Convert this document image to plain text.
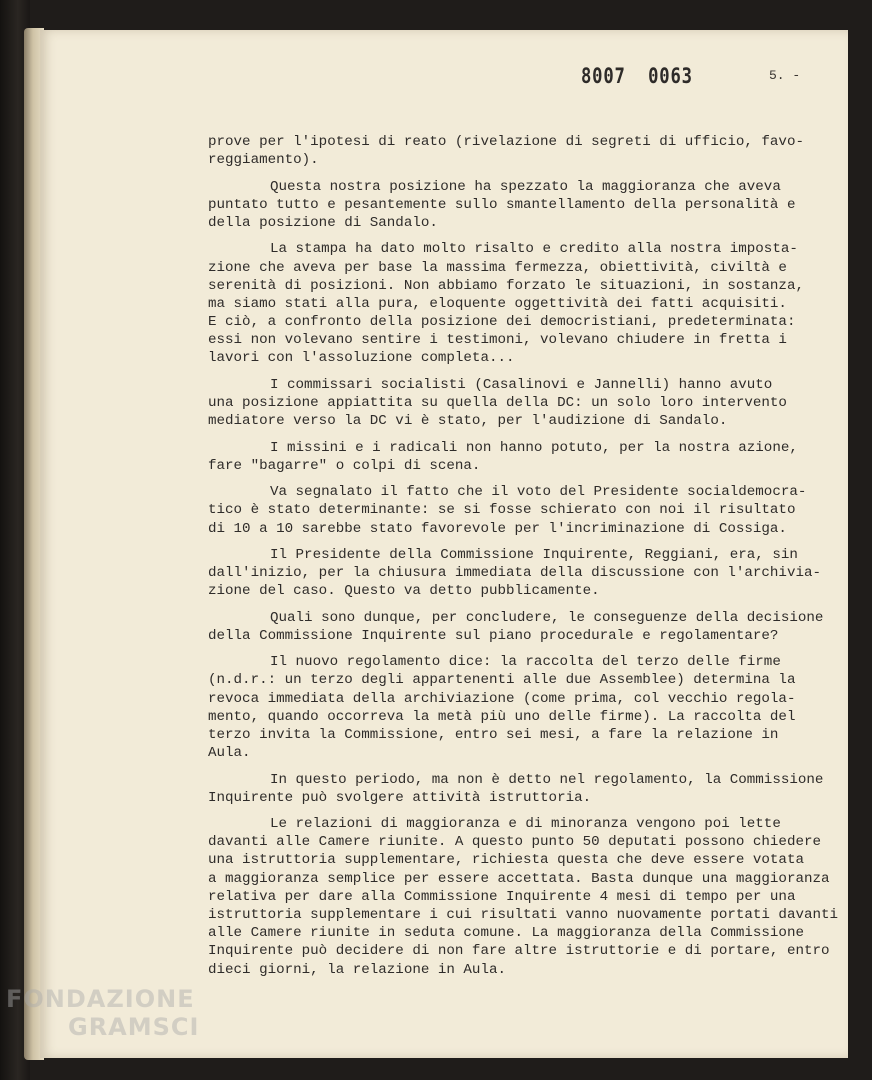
8007  0063	5. -
prove per l'ipotesi di reato (rivelazione di segreti di ufficio, favo-
reggiamento).
Questa nostra posizione ha spezzato la maggioranza che aveva
puntato tutto e pesantemente sullo smantellamento della personalità e
della posizione di Sandalo.
La stampa ha dato molto risalto e credito alla nostra imposta-
zione che aveva per base la massima fermezza, obiettività, civiltà e
serenità di posizioni. Non abbiamo forzato le situazioni, in sostanza,
ma siamo stati alla pura, eloquente oggettività dei fatti acquisiti.
E ciò, a confronto della posizione dei democristiani, predeterminata:
essi non volevano sentire i testimoni, volevano chiudere in fretta i
lavori con l'assoluzione completa...
I commissari socialisti (Casalinovi e Jannelli) hanno avuto
una posizione appiattita su quella della DC: un solo loro intervento
mediatore verso la DC vi è stato, per l'audizione di Sandalo.
I missini e i radicali non hanno potuto, per la nostra azione,
fare "bagarre" o colpi di scena.
Va segnalato il fatto che il voto del Presidente socialdemocra-
tico è stato determinante: se si fosse schierato con noi il risultato
di 10 a 10 sarebbe stato favorevole per l'incriminazione di Cossiga.
Il Presidente della Commissione Inquirente, Reggiani, era, sin
dall'inizio, per la chiusura immediata della discussione con l'archivia-
zione del caso. Questo va detto pubblicamente.
Quali sono dunque, per concludere, le conseguenze della decisione
della Commissione Inquirente sul piano procedurale e regolamentare?
Il nuovo regolamento dice: la raccolta del terzo delle firme
(n.d.r.: un terzo degli appartenenti alle due Assemblee) determina la
revoca immediata della archiviazione (come prima, col vecchio regola-
mento, quando occorreva la metà più uno delle firme). La raccolta del
terzo invita la Commissione, entro sei mesi, a fare la relazione in
Aula.
In questo periodo, ma non è detto nel regolamento, la Commissione
Inquirente può svolgere attività istruttoria.
Le relazioni di maggioranza e di minoranza vengono poi lette
davanti alle Camere riunite. A questo punto 50 deputati possono chiedere
una istruttoria supplementare, richiesta questa che deve essere votata
a maggioranza semplice per essere accettata. Basta dunque una maggioranza
relativa per dare alla Commissione Inquirente 4 mesi di tempo per una
istruttoria supplementare i cui risultati vanno nuovamente portati davanti
alle Camere riunite in seduta comune. La maggioranza della Commissione
Inquirente può decidere di non fare altre istruttorie e di portare, entro
dieci giorni, la relazione in Aula.
FONDAZIONE
GRAMSCI
